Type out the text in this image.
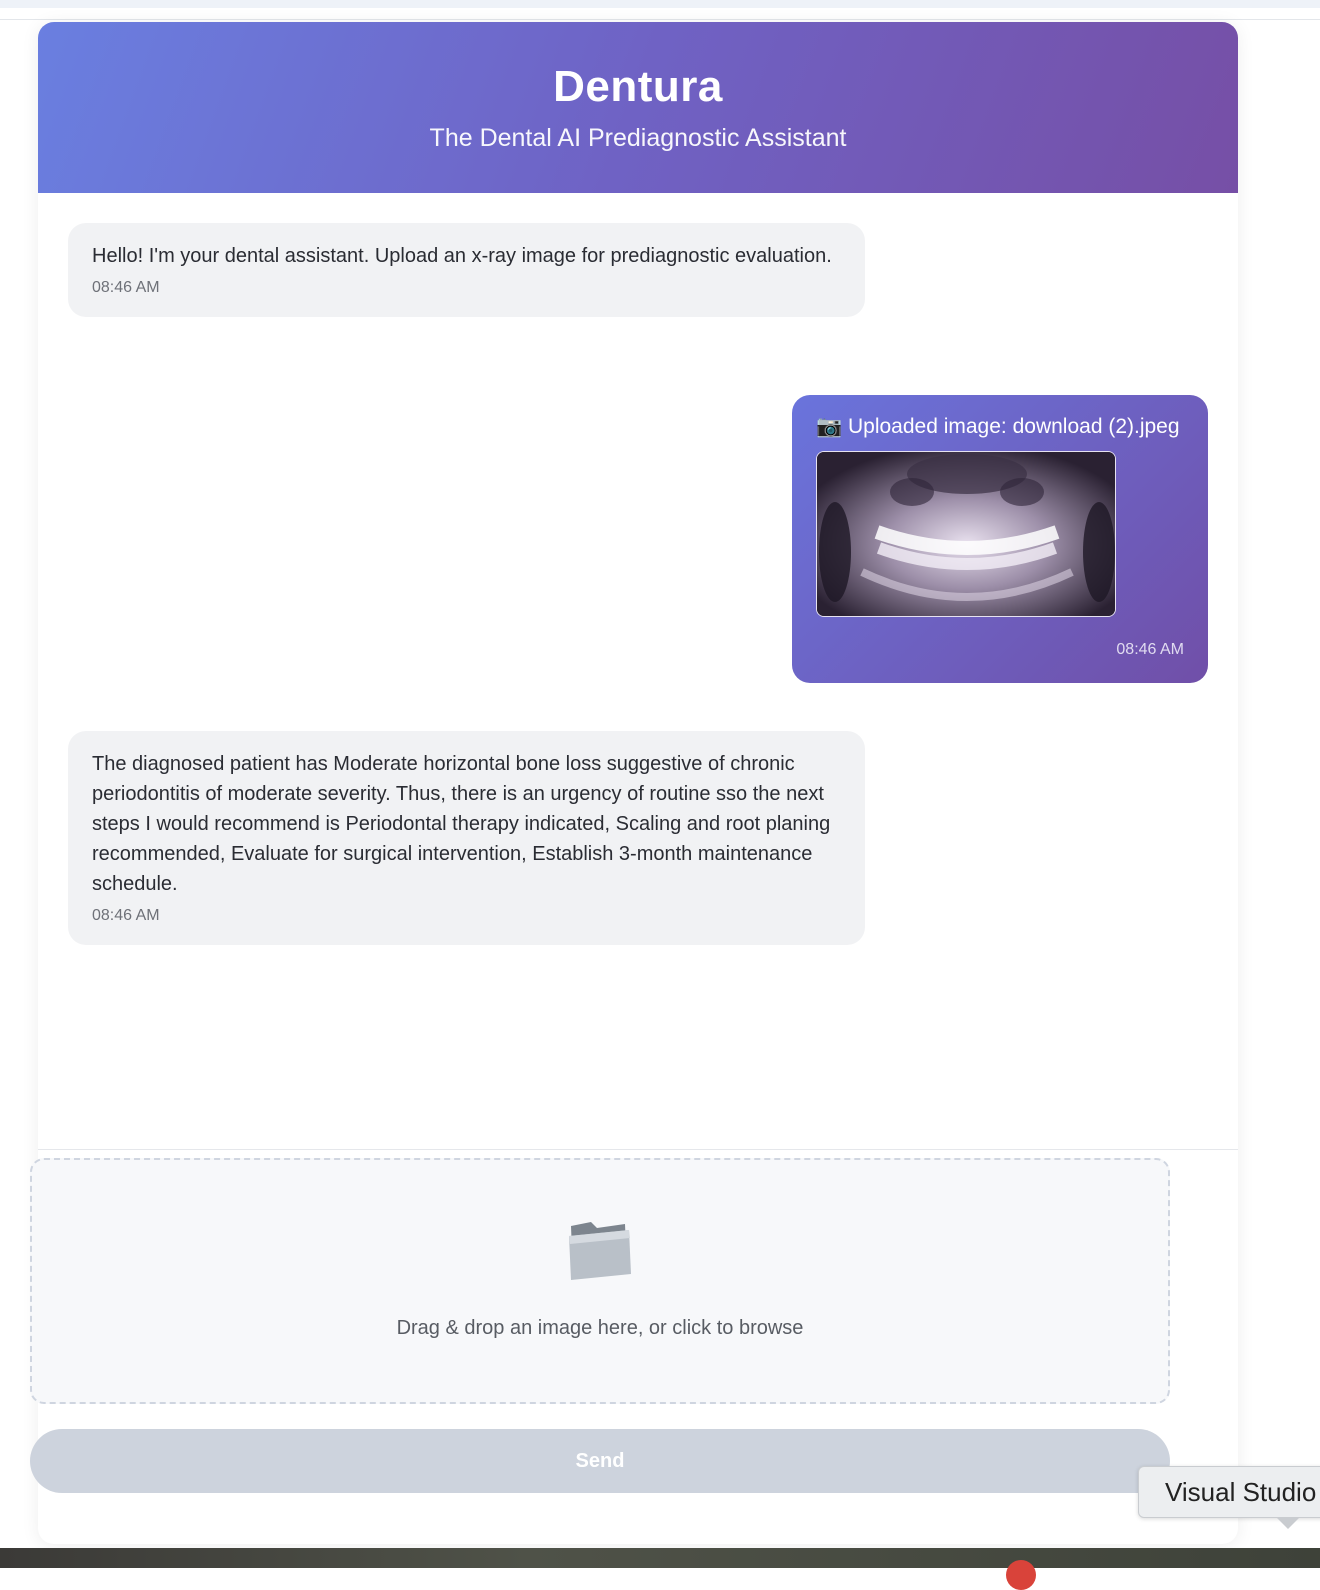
Dentura
The Dental AI Prediagnostic Assistant
Hello! I'm your dental assistant. Upload an x-ray image for prediagnostic evaluation.
08:46 AM
📷 Uploaded image: download (2).jpeg
08:46 AM
The diagnosed patient has Moderate horizontal bone loss suggestive of chronic periodontitis of moderate severity. Thus, there is an urgency of routine sso the next steps I would recommend is Periodontal therapy indicated, Scaling and root planing recommended, Evaluate for surgical intervention, Establish 3-month maintenance schedule.
08:46 AM
Drag & drop an image here, or click to browse
Send
Visual Studio
